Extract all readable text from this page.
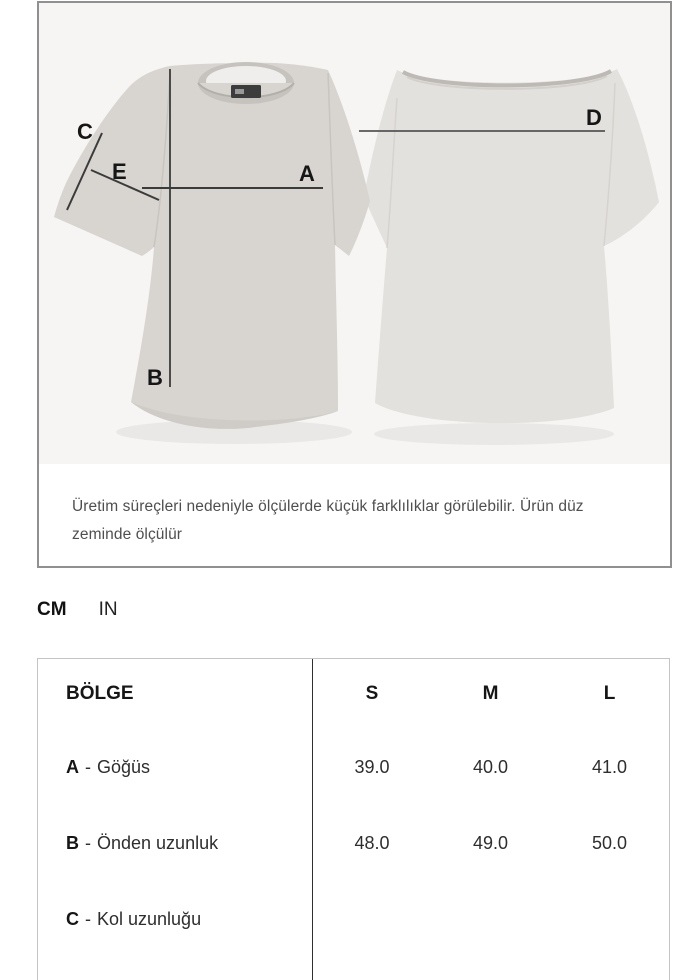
C
E	A
B
D

Üretim süreçleri nedeniyle ölçülerde küçük farklılıklar görülebilir. Ürün düz zeminde ölçülür

CM IN
BÖLGE	S	M	L
A - Göğüs	39.0	40.0	41.0
B - Önden uzunluk	48.0	49.0	50.0
C - Kol uzunluğu
